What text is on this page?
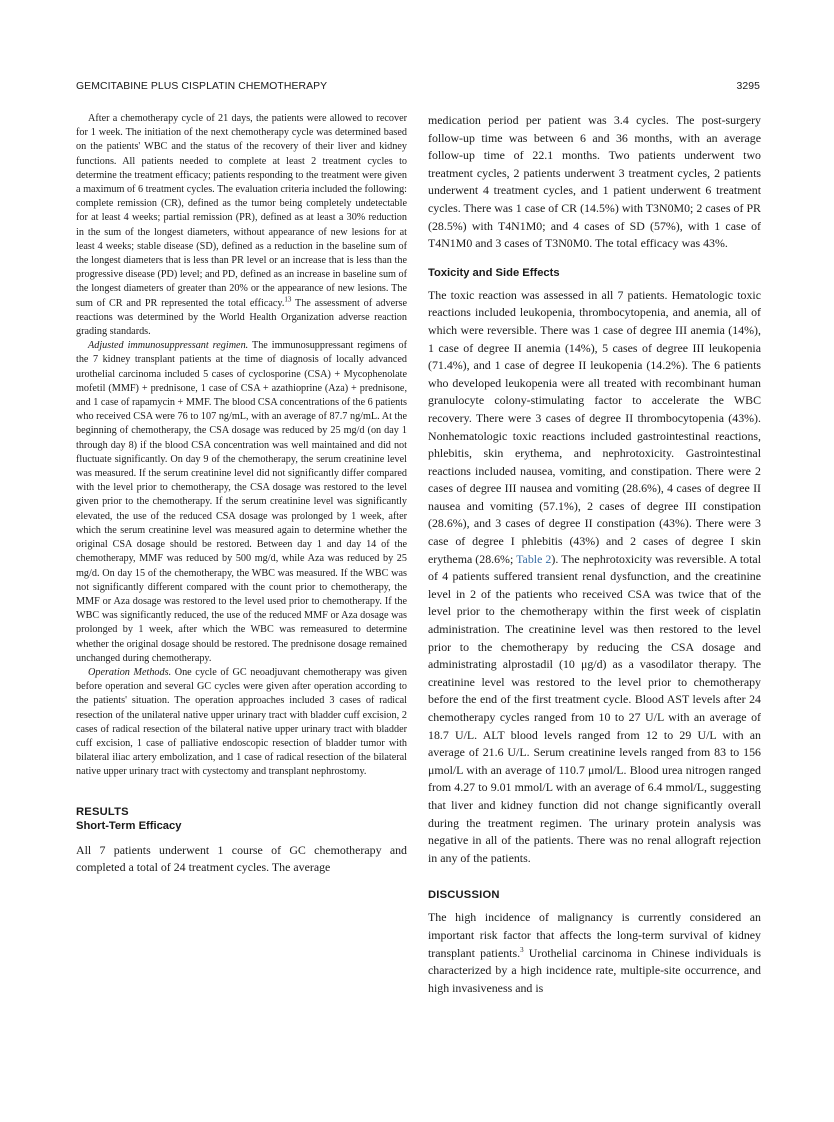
GEMCITABINE PLUS CISPLATIN CHEMOTHERAPY	3295

After a chemotherapy cycle of 21 days, the patients were allowed to recover for 1 week. The initiation of the next chemotherapy cycle was determined based on the patients' WBC and the status of the recovery of their liver and kidney functions. All patients needed to complete at least 2 treatment cycles to determine the treatment efficacy; patients responding to the treatment were given a maximum of 6 treatment cycles. The evaluation criteria included the following: complete remission (CR), defined as the tumor being completely undetectable for at least 4 weeks; partial remission (PR), defined as at least a 30% reduction in the sum of the longest diameters, without appearance of new lesions for at least 4 weeks; stable disease (SD), defined as a reduction in the baseline sum of the longest diameters that is less than PR level or an increase that is less than the progressive disease (PD) level; and PD, defined as an increase in baseline sum of the longest diameters of greater than 20% or the appearance of new lesions. The sum of CR and PR represented the total efficacy.$^{13}$ The assessment of adverse reactions was determined by the World Health Organization adverse reaction grading standards.

Adjusted immunosuppressant regimen. The immunosuppressant regimens of the 7 kidney transplant patients at the time of diagnosis of locally advanced urothelial carcinoma included 5 cases of cyclosporine (CSA) + Mycophenolate mofetil (MMF) + prednisone, 1 case of CSA + azathioprine (Aza) + prednisone, and 1 case of rapamycin + MMF. The blood CSA concentrations of the 6 patients who received CSA were 76 to 107 ng/mL, with an average of 87.7 ng/mL. At the beginning of chemotherapy, the CSA dosage was reduced by 25 mg/d (on day 1 through day 8) if the blood CSA concentration was well maintained and did not fluctuate significantly. On day 9 of the chemotherapy, the serum creatinine level was measured. If the serum creatinine level did not significantly differ compared with the level prior to chemotherapy, the CSA dosage was restored to the level given prior to the chemotherapy. If the serum creatinine level was significantly elevated, the use of the reduced CSA dosage was prolonged by 1 week, after which the serum creatinine level was measured again to determine whether the original CSA dosage should be restored. Between day 1 and day 14 of the chemotherapy, MMF was reduced by 500 mg/d, while Aza was reduced by 25 mg/d. On day 15 of the chemotherapy, the WBC was measured. If the WBC was not significantly different compared with the count prior to chemotherapy, the MMF or Aza dosage was restored to the level used prior to chemotherapy. If the WBC was significantly reduced, the use of the reduced MMF or Aza dosage was prolonged by 1 week, after which the WBC was remeasured to determine whether the original dosage should be restored. The prednisone dosage remained unchanged during chemotherapy.

Operation Methods. One cycle of GC neoadjuvant chemotherapy was given before operation and several GC cycles were given after operation according to the patients' situation. The operation approaches included 3 cases of radical resection of the unilateral native upper urinary tract with bladder cuff excision, 2 cases of radical resection of the bilateral native upper urinary tract with bladder cuff excision, 1 case of palliative endoscopic resection of bladder tumor with bilateral iliac artery embolization, and 1 case of radical resection of the bilateral native upper urinary tract with cystectomy and transplant nephrostomy.

RESULTS
Short-Term Efficacy

All 7 patients underwent 1 course of GC chemotherapy and completed a total of 24 treatment cycles. The average

medication period per patient was 3.4 cycles. The post-surgery follow-up time was between 6 and 36 months, with an average follow-up time of 22.1 months. Two patients underwent two treatment cycles, 2 patients underwent 3 treatment cycles, 2 patients underwent 4 treatment cycles, and 1 patient underwent 6 treatment cycles. There was 1 case of CR (14.5%) with T3N0M0; 2 cases of PR (28.5%) with T4N1M0; and 4 cases of SD (57%), with 1 case of T4N1M0 and 3 cases of T3N0M0. The total efficacy was 43%.

Toxicity and Side Effects

The toxic reaction was assessed in all 7 patients. Hematologic toxic reactions included leukopenia, thrombocytopenia, and anemia, all of which were reversible. There was 1 case of degree III anemia (14%), 1 case of degree II anemia (14%), 5 cases of degree III leukopenia (71.4%), and 1 case of degree II leukopenia (14.2%). The 6 patients who developed leukopenia were all treated with recombinant human granulocyte colony-stimulating factor to accelerate the WBC recovery. There were 3 cases of degree II thrombocytopenia (43%). Nonhematologic toxic reactions included gastrointestinal reactions, phlebitis, skin erythema, and nephrotoxicity. Gastrointestinal reactions included nausea, vomiting, and constipation. There were 2 cases of degree III nausea and vomiting (28.6%), 4 cases of degree II nausea and vomiting (57.1%), 2 cases of degree III constipation (28.6%), and 3 cases of degree II constipation (43%). There were 3 case of degree I phlebitis (43%) and 2 cases of degree I skin erythema (28.6%; Table 2). The nephrotoxicity was reversible. A total of 4 patients suffered transient renal dysfunction, and the creatinine level in 2 of the patients who received CSA was twice that of the level prior to the chemotherapy within the first week of cisplatin administration. The creatinine level was then restored to the level prior to the chemotherapy by reducing the CSA dosage and administrating alprostadil (10 μg/d) as a vasodilator therapy. The creatinine level was restored to the level prior to chemotherapy before the end of the first treatment cycle. Blood AST levels after 24 chemotherapy cycles ranged from 10 to 27 U/L with an average of 18.7 U/L. ALT blood levels ranged from 12 to 29 U/L with an average of 21.6 U/L. Serum creatinine levels ranged from 83 to 156 μmol/L with an average of 110.7 μmol/L. Blood urea nitrogen ranged from 4.27 to 9.01 mmol/L with an average of 6.4 mmol/L, suggesting that liver and kidney function did not change significantly overall during the treatment regimen. The urinary protein analysis was negative in all of the patients. There was no renal allograft rejection in any of the patients.

DISCUSSION

The high incidence of malignancy is currently considered an important risk factor that affects the long-term survival of kidney transplant patients.$^3$ Urothelial carcinoma in Chinese individuals is characterized by a high incidence rate, multiple-site occurrence, and high invasiveness and is
